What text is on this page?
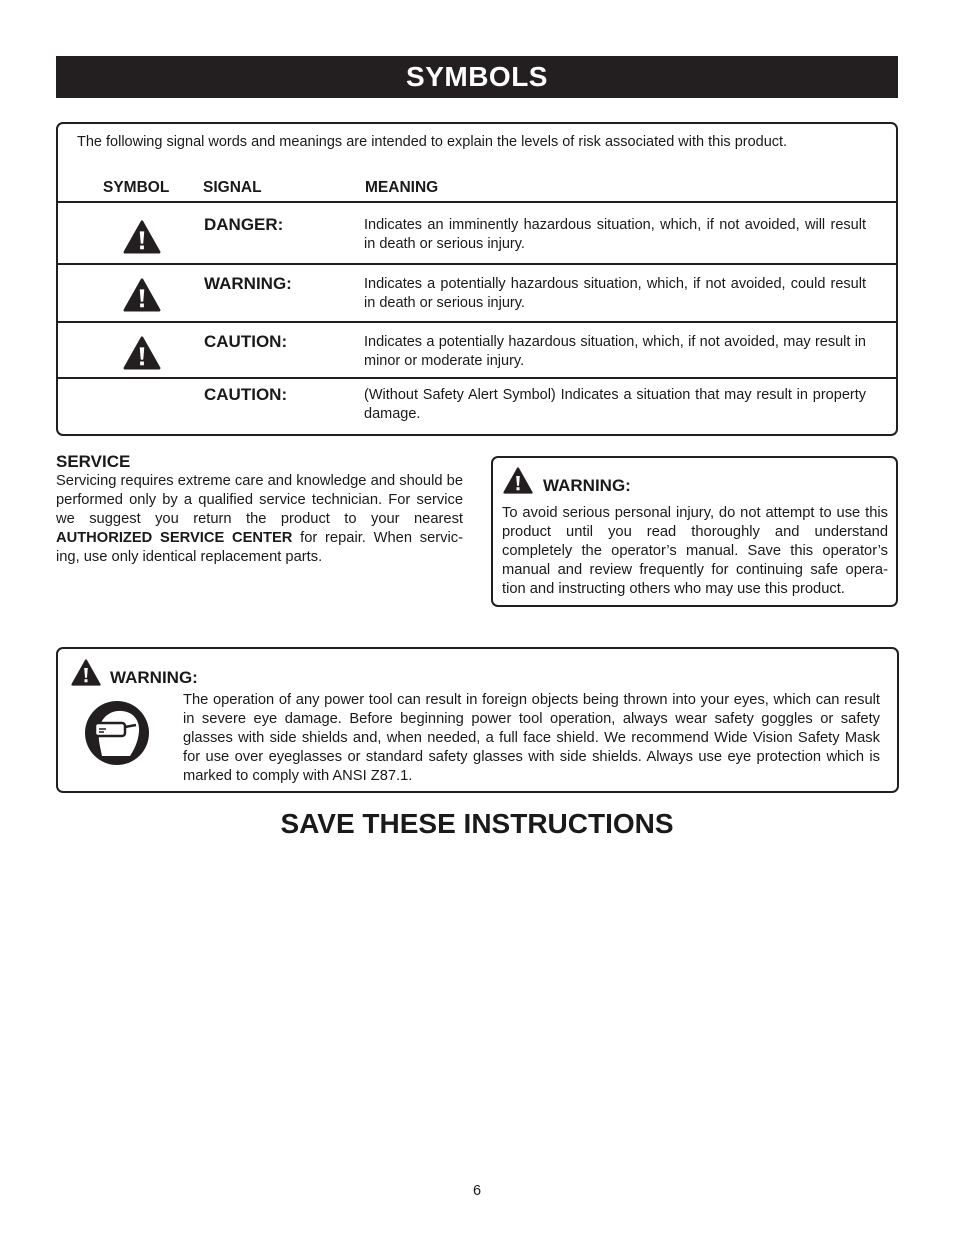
SYMBOLS
The following signal words and meanings are intended to explain the levels of risk associated with this product.
SYMBOL SIGNAL	MEANING
DANGER:	Indicates an imminently hazardous situation, which, if not avoided, will result in death or serious injury.
WARNING:	Indicates a potentially hazardous situation, which, if not avoided, could result in death or serious injury.
CAUTION:	Indicates a potentially hazardous situation, which, if not avoided, may result in minor or moderate injury.
CAUTION:	(Without Safety Alert Symbol) Indicates a situation that may result in property damage.
SERVICE
Servicing requires extreme care and knowledge and should be performed only by a qualified service technician. For service we suggest you return the product to your nearest AUTHORIZED SERVICE CENTER for repair. When servic-ing, use only identical replacement parts.
WARNING:
To avoid serious personal injury, do not attempt to use this product until you read thoroughly and understand completely the operator’s manual. Save this operator’s manual and review frequently for continuing safe opera-tion and instructing others who may use this product.
WARNING:
The operation of any power tool can result in foreign objects being thrown into your eyes, which can result in severe eye damage. Before beginning power tool operation, always wear safety goggles or safety glasses with side shields and, when needed, a full face shield. We recommend Wide Vision Safety Mask for use over eyeglasses or standard safety glasses with side shields. Always use eye protection which is marked to comply with ANSI Z87.1.
SAVE THESE INSTRUCTIONS
6
